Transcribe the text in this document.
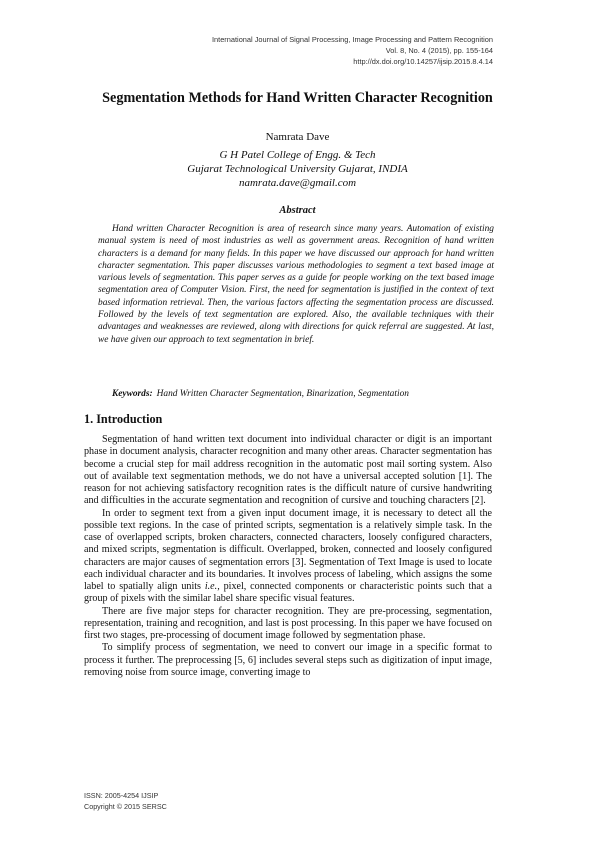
International Journal of Signal Processing, Image Processing and Pattern Recognition
Vol. 8, No. 4 (2015), pp. 155-164
http://dx.doi.org/10.14257/ijsip.2015.8.4.14
Segmentation Methods for Hand Written Character Recognition
Namrata Dave
G H Patel College of Engg. & Tech
Gujarat Technological University Gujarat, INDIA
namrata.dave@gmail.com
Abstract

Hand written Character Recognition is area of research since many years. Automation of existing manual system is need of most industries as well as government areas. Recognition of hand written characters is a demand for many fields. In this paper we have discussed our approach for hand written character segmentation. This paper discusses various methodologies to segment a text based image at various levels of segmentation. This paper serves as a guide for people working on the text based image segmentation area of Computer Vision. First, the need for segmentation is justified in the context of text based information retrieval. Then, the various factors affecting the segmentation process are discussed. Followed by the levels of text segmentation are explored. Also, the available techniques with their advantages and weaknesses are reviewed, along with directions for quick referral are suggested. At last, we have given our approach to text segmentation in brief.

Keywords: Hand Written Character Segmentation, Binarization, Segmentation
1. Introduction

Segmentation of hand written text document into individual character or digit is an important phase in document analysis, character recognition and many other areas. Character segmentation has become a crucial step for mail address recognition in the automatic post mail sorting system. Also out of available text segmentation methods, we do not have a universal accepted solution [1]. The reason for not achieving satisfactory recognition rates is the difficult nature of cursive handwriting and difficulties in the accurate segmentation and recognition of cursive and touching characters [2].

In order to segment text from a given input document image, it is necessary to detect all the possible text regions. In the case of printed scripts, segmentation is a relatively simple task. In the case of overlapped scripts, broken characters, connected characters, loosely configured characters, and mixed scripts, segmentation is difficult. Overlapped, broken, connected and loosely configured characters are major causes of segmentation errors [3]. Segmentation of Text Image is used to locate each individual character and its boundaries. It involves process of labeling, which assigns the some label to spatially align units i.e., pixel, connected components or characteristic points such that a group of pixels with the similar label share specific visual features.

There are five major steps for character recognition. They are pre-processing, segmentation, representation, training and recognition, and last is post processing. In this paper we have focused on first two stages, pre-processing of document image followed by segmentation phase.

To simplify process of segmentation, we need to convert our image in a specific format to process it further. The preprocessing [5, 6] includes several steps such as digitization of input image, removing noise from source image, converting image to

ISSN: 2005-4254 IJSIP
Copyright © 2015 SERSC
